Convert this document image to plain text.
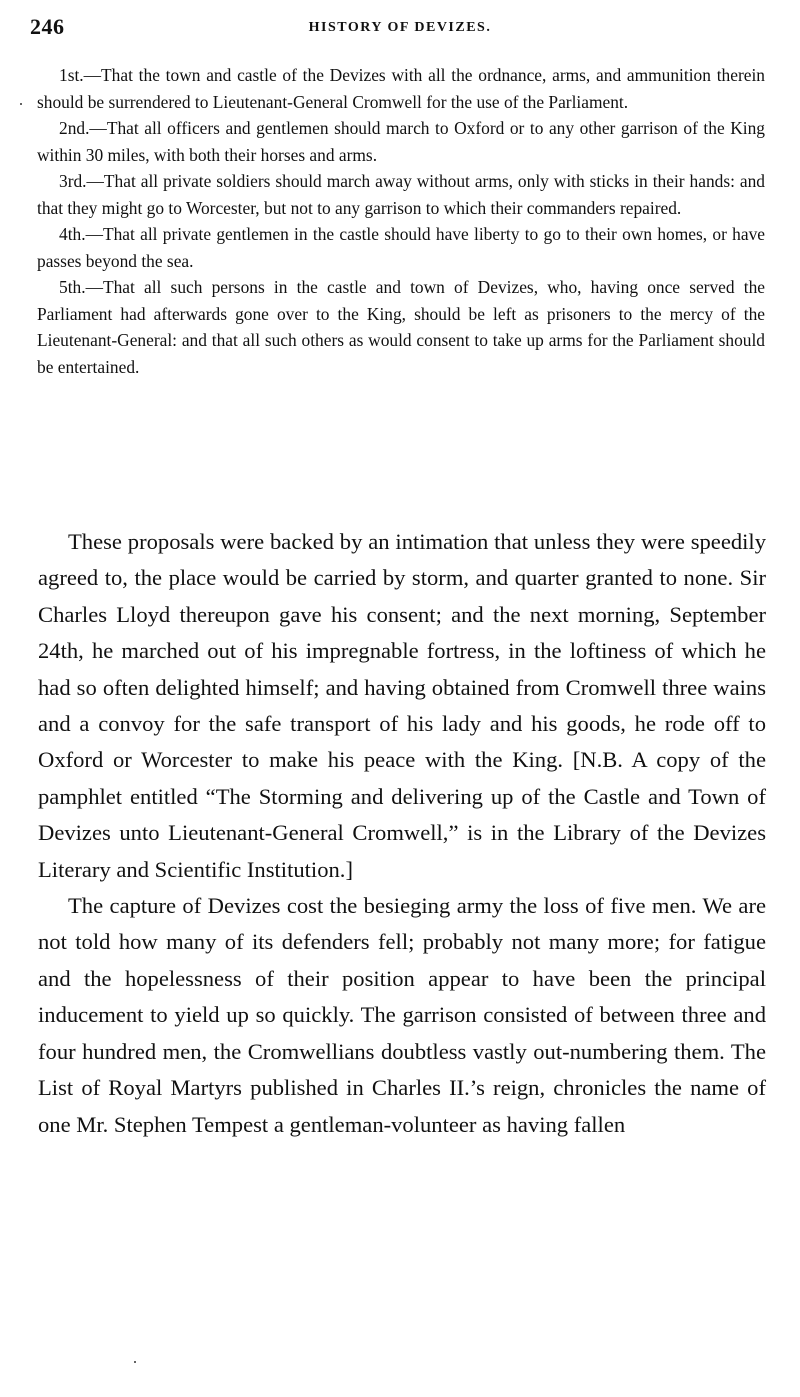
246	HISTORY OF DEVIZES.

1st.—That the town and castle of the Devizes with all the ordnance, arms, and ammunition therein should be surrendered to Lieutenant-General Cromwell for the use of the Parliament.

2nd.—That all officers and gentlemen should march to Oxford or to any other garrison of the King within 30 miles, with both their horses and arms.

3rd.—That all private soldiers should march away without arms, only with sticks in their hands: and that they might go to Worcester, but not to any garrison to which their commanders repaired.

4th.—That all private gentlemen in the castle should have liberty to go to their own homes, or have passes beyond the sea.

5th.—That all such persons in the castle and town of Devizes, who, having once served the Parliament had afterwards gone over to the King, should be left as prisoners to the mercy of the Lieutenant-General: and that all such others as would consent to take up arms for the Parliament should be entertained.

These proposals were backed by an intimation that unless they were speedily agreed to, the place would be carried by storm, and quarter granted to none. Sir Charles Lloyd thereupon gave his consent; and the next morning, September 24th, he marched out of his impregnable fortress, in the loftiness of which he had so often delighted himself; and having obtained from Cromwell three wains and a convoy for the safe transport of his lady and his goods, he rode off to Oxford or Worcester to make his peace with the King. [N.B. A copy of the pamphlet entitled “The Storming and delivering up of the Castle and Town of Devizes unto Lieutenant-General Cromwell,” is in the Library of the Devizes Literary and Scientific Institution.]

The capture of Devizes cost the besieging army the loss of five men. We are not told how many of its defenders fell; probably not many more; for fatigue and the hopelessness of their position appear to have been the principal inducement to yield up so quickly. The garrison consisted of between three and four hundred men, the Cromwellians doubtless vastly out-numbering them. The List of Royal Martyrs published in Charles II.’s reign, chronicles the name of one Mr. Stephen Tempest a gentleman-volunteer as having fallen
